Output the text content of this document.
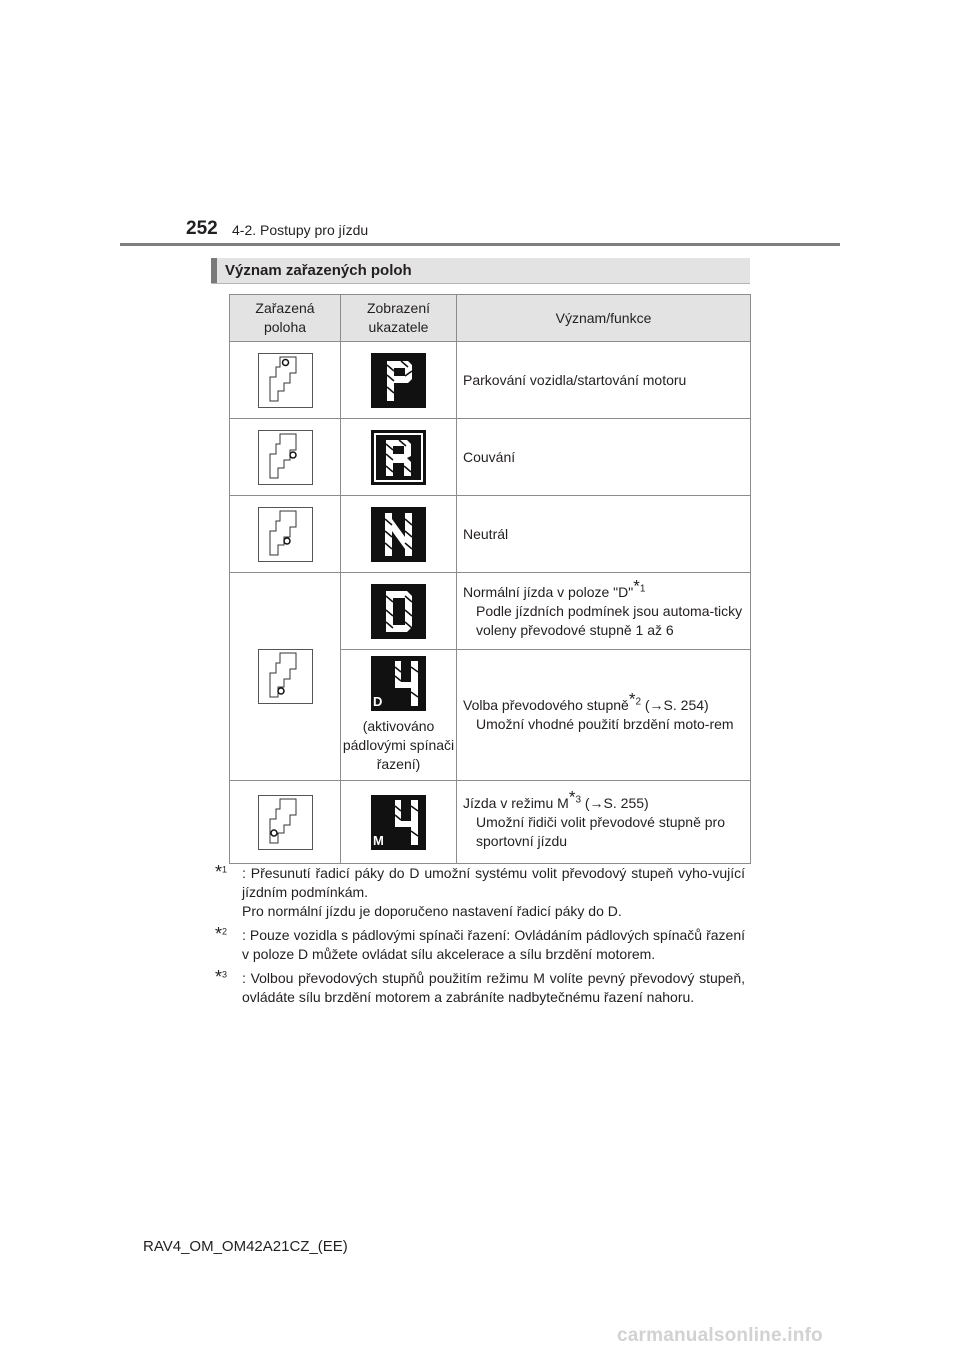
252 4-2. Postupy pro jízdu
Význam zařazených poloh
Zařazená poloha	Zobrazení ukazatele	Význam/funkce

	Parkování vozidla/startování motoru

	Couvání

	Neutrál

	Normální jízda v poloze "D"$^{*1}$
Podle jízdních podmínek jsou automa-ticky voleny převodové stupně 1 až 6

	D
(aktivováno pádlovými spínači řazení)	Volba převodového stupně$^{*2}$ (→S. 254)
Umožní vhodné použití brzdění moto-rem

M	Jízda v režimu $M^{*3}$ (→S. 255)
Umožní řidiči volit převodové stupně pro sportovní jízdu
*$^1$	: Přesunutí řadicí páky do D umožní systému volit převodový stupeň vyho-vující jízdním podmínkám.

Pro normální jízdu je doporučeno nastavení řadicí páky do D.

*$^2$	: Pouze vozidla s pádlovými spínači řazení: Ovládáním pádlových spínačů řazení v poloze D můžete ovládat sílu akcelerace a sílu brzdění motorem.

*$^3$	: Volbou převodových stupňů použitím režimu M volíte pevný převodový stupeň, ovládáte sílu brzdění motorem a zabráníte nadbytečnému řazení nahoru.

RAV4_OM_OM42A21CZ_(EE)
carmanualsonline.info
